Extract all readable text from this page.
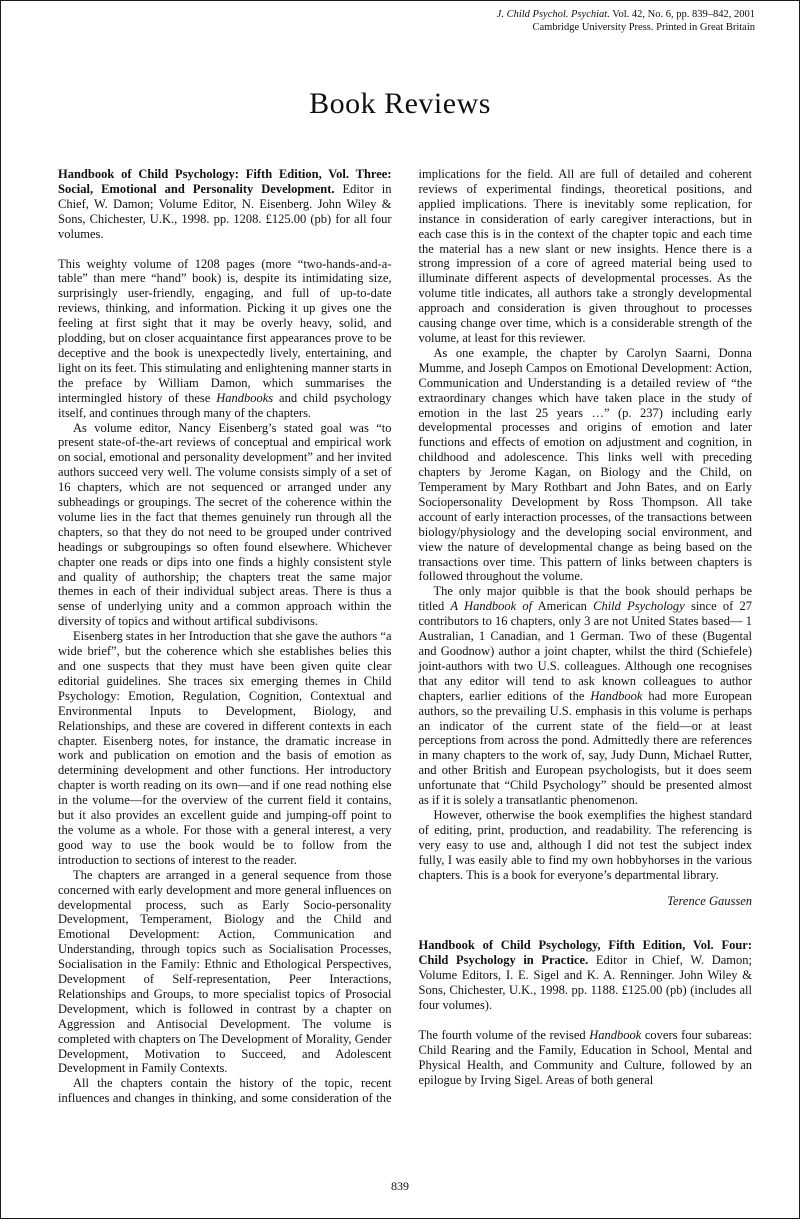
J. Child Psychol. Psychiat. Vol. 42, No. 6, pp. 839–842, 2001
Cambridge University Press. Printed in Great Britain
Book Reviews

Handbook of Child Psychology: Fifth Edition, Vol. Three: Social, Emotional and Personality Development. Editor in Chief, W. Damon; Volume Editor, N. Eisenberg. John Wiley & Sons, Chichester, U.K., 1998. pp. 1208. £125.00 (pb) for all four volumes.

This weighty volume of 1208 pages (more “two-hands-and-a-table” than mere “hand” book) is, despite its intimidating size, surprisingly user-friendly, engaging, and full of up-to-date reviews, thinking, and information. Picking it up gives one the feeling at first sight that it may be overly heavy, solid, and plodding, but on closer acquaintance first appearances prove to be deceptive and the book is unexpectedly lively, entertaining, and light on its feet. This stimulating and enlightening manner starts in the preface by William Damon, which summarises the intermingled history of these Handbooks and child psychology itself, and continues through many of the chapters.

As volume editor, Nancy Eisenberg’s stated goal was “to present state-of-the-art reviews of conceptual and empirical work on social, emotional and personality development” and her invited authors succeed very well. The volume consists simply of a set of 16 chapters, which are not sequenced or arranged under any subheadings or groupings. The secret of the coherence within the volume lies in the fact that themes genuinely run through all the chapters, so that they do not need to be grouped under contrived headings or subgroupings so often found elsewhere. Whichever chapter one reads or dips into one finds a highly consistent style and quality of authorship; the chapters treat the same major themes in each of their individual subject areas. There is thus a sense of underlying unity and a common approach within the diversity of topics and without artifical subdivisons.

Eisenberg states in her Introduction that she gave the authors “a wide brief”, but the coherence which she establishes belies this and one suspects that they must have been given quite clear editorial guidelines. She traces six emerging themes in Child Psychology: Emotion, Regulation, Cognition, Contextual and Environmental Inputs to Development, Biology, and Relationships, and these are covered in different contexts in each chapter. Eisenberg notes, for instance, the dramatic increase in work and publication on emotion and the basis of emotion as determining development and other functions. Her introductory chapter is worth reading on its own—and if one read nothing else in the volume—for the overview of the current field it contains, but it also provides an excellent guide and jumping-off point to the volume as a whole. For those with a general interest, a very good way to use the book would be to follow from the introduction to sections of interest to the reader.

The chapters are arranged in a general sequence from those concerned with early development and more general influences on developmental process, such as Early Socio-personality Development, Temperament, Biology and the Child and Emotional Development: Action, Communication and Understanding, through topics such as Socialisation Processes, Socialisation in the Family: Ethnic and Ethological Perspectives, Development of Self-representation, Peer Interactions, Relationships and Groups, to more specialist topics of Prosocial Development, which is followed in contrast by a chapter on Aggression and Antisocial Development. The volume is completed with chapters on The Development of Morality, Gender Development, Motivation to Succeed, and Adolescent Development in Family Contexts.

All the chapters contain the history of the topic, recent influences and changes in thinking, and some consideration of the implications for the field. All are full of detailed and coherent reviews of experimental findings, theoretical positions, and applied implications. There is inevitably some replication, for instance in consideration of early caregiver interactions, but in each case this is in the context of the chapter topic and each time the material has a new slant or new insights. Hence there is a strong impression of a core of agreed material being used to illuminate different aspects of developmental processes. As the volume title indicates, all authors take a strongly developmental approach and consideration is given throughout to processes causing change over time, which is a considerable strength of the volume, at least for this reviewer.

As one example, the chapter by Carolyn Saarni, Donna Mumme, and Joseph Campos on Emotional Development: Action, Communication and Understanding is a detailed review of “the extraordinary changes which have taken place in the study of emotion in the last 25 years …” (p. 237) including early developmental processes and origins of emotion and later functions and effects of emotion on adjustment and cognition, in childhood and adolescence. This links well with preceding chapters by Jerome Kagan, on Biology and the Child, on Temperament by Mary Rothbart and John Bates, and on Early Sociopersonality Development by Ross Thompson. All take account of early interaction processes, of the transactions between biology/physiology and the developing social environment, and view the nature of developmental change as being based on the transactions over time. This pattern of links between chapters is followed throughout the volume.

The only major quibble is that the book should perhaps be titled A Handbook of American Child Psychology since of 27 contributors to 16 chapters, only 3 are not United States based— 1 Australian, 1 Canadian, and 1 German. Two of these (Bugental and Goodnow) author a joint chapter, whilst the third (Schiefele) joint-authors with two U.S. colleagues. Although one recognises that any editor will tend to ask known colleagues to author chapters, earlier editions of the Handbook had more European authors, so the prevailing U.S. emphasis in this volume is perhaps an indicator of the current state of the field—or at least perceptions from across the pond. Admittedly there are references in many chapters to the work of, say, Judy Dunn, Michael Rutter, and other British and European psychologists, but it does seem unfortunate that “Child Psychology” should be presented almost as if it is solely a transatlantic phenomenon.

However, otherwise the book exemplifies the highest standard of editing, print, production, and readability. The referencing is very easy to use and, although I did not test the subject index fully, I was easily able to find my own hobbyhorses in the various chapters. This is a book for everyone’s departmental library.

Terence Gaussen

Handbook of Child Psychology, Fifth Edition, Vol. Four: Child Psychology in Practice. Editor in Chief, W. Damon; Volume Editors, I. E. Sigel and K. A. Renninger. John Wiley & Sons, Chichester, U.K., 1998. pp. 1188. £125.00 (pb) (includes all four volumes).

The fourth volume of the revised Handbook covers four subareas: Child Rearing and the Family, Education in School, Mental and Physical Health, and Community and Culture, followed by an epilogue by Irving Sigel. Areas of both general

839
